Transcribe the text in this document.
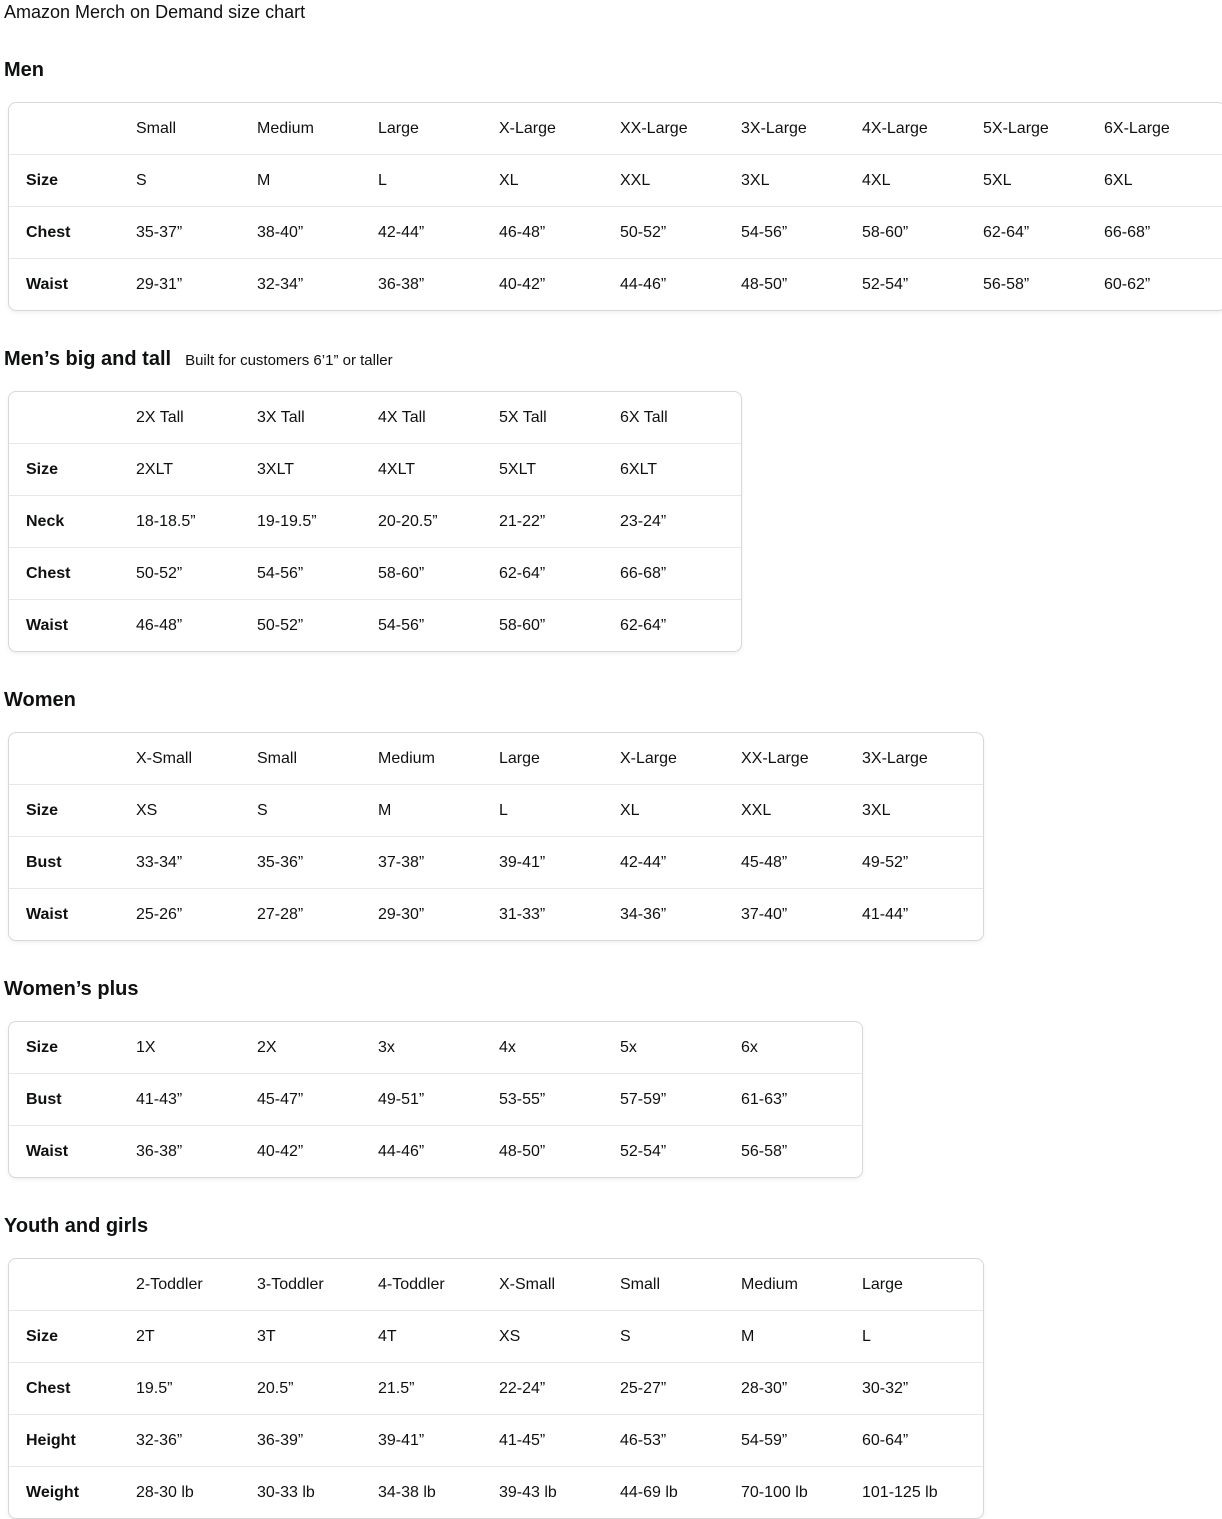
Amazon Merch on Demand size chart
Men
	Small	Medium	Large	X-Large	XX-Large	3X-Large	4X-Large	5X-Large	6X-Large
Size	S	M	L	XL	XXL	3XL	4XL	5XL	6XL
Chest	35-37”	38-40”	42-44”	46-48”	50-52”	54-56”	58-60”	62-64”	66-68”
Waist	29-31”	32-34”	36-38”	40-42”	44-46”	48-50”	52-54”	56-58”	60-62”
Men’s big and tall Built for customers 6’1” or taller
	2X Tall	3X Tall	4X Tall	5X Tall	6X Tall
Size	2XLT	3XLT	4XLT	5XLT	6XLT
Neck	18-18.5”	19-19.5”	20-20.5”	21-22”	23-24”
Chest	50-52”	54-56”	58-60”	62-64”	66-68”
Waist	46-48”	50-52”	54-56”	58-60”	62-64”
Women
	X-Small	Small	Medium	Large	X-Large	XX-Large	3X-Large
Size	XS	S	M	L	XL	XXL	3XL
Bust	33-34”	35-36”	37-38”	39-41”	42-44”	45-48”	49-52”
Waist	25-26”	27-28”	29-30”	31-33”	34-36”	37-40”	41-44”
Women’s plus
Size	1X	2X	3x	4x	5x	6x
Bust	41-43”	45-47”	49-51”	53-55”	57-59”	61-63”
Waist	36-38”	40-42”	44-46”	48-50”	52-54”	56-58”
Youth and girls
	2-Toddler	3-Toddler	4-Toddler	X-Small	Small	Medium	Large
Size	2T	3T	4T	XS	S	M	L
Chest	19.5”	20.5”	21.5”	22-24”	25-27”	28-30”	30-32”
Height	32-36”	36-39”	39-41”	41-45”	46-53”	54-59”	60-64”
Weight	28-30 lb	30-33 lb	34-38 lb	39-43 lb	44-69 lb	70-100 lb	101-125 lb
